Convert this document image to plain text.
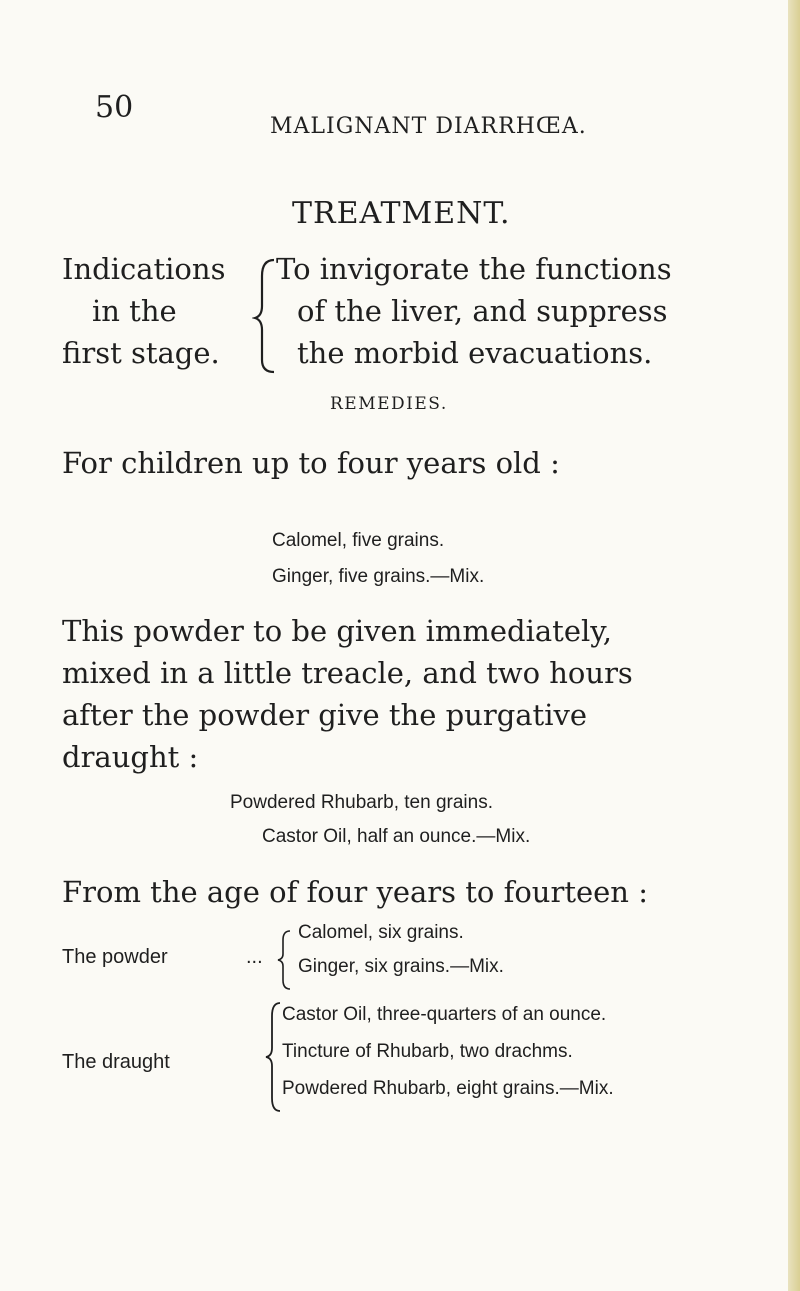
50
MALIGNANT DIARRHŒA.
TREATMENT.
Indications
in the
first stage.
To invigorate the functions
of the liver, and suppress
the morbid evacuations.
REMEDIES.
For children up to four years old :
Calomel, five grains.
Ginger, five grains.—Mix.
This powder to be given immediately,
mixed in a little treacle, and two hours
after the powder give the purgative
draught :
Powdered Rhubarb, ten grains.
Castor Oil, half an ounce.—Mix.
From the age of four years to fourteen :
The powder	...
Calomel, six grains.
Ginger, six grains.—Mix.
The draught
Castor Oil, three-quarters of an ounce.
Tincture of Rhubarb, two drachms.
Powdered Rhubarb, eight grains.—Mix.
